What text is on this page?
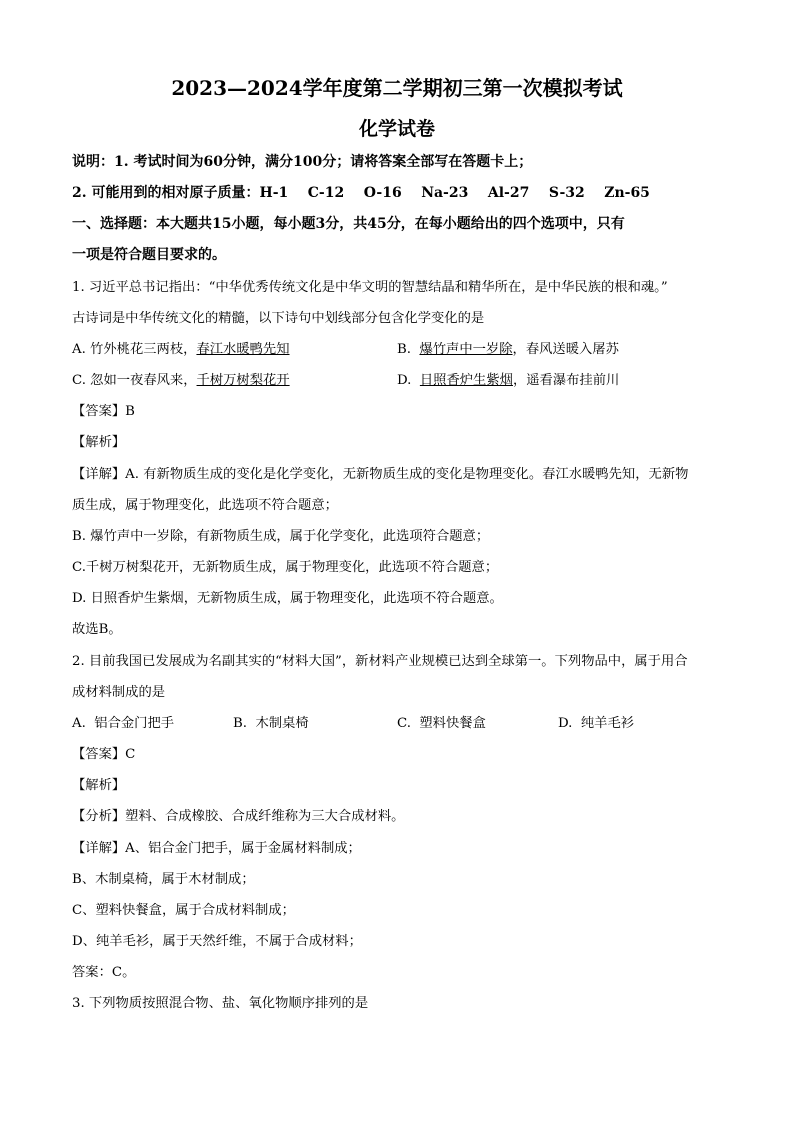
2023—2024学年度第二学期初三第一次模拟考试
化学试卷
说明：1. 考试时间为60分钟，满分100分；请将答案全部写在答题卡上；
2. 可能用到的相对原子质量：H-1    C-12    O-16    Na-23    Al-27    S-32    Zn-65
一、选择题：本大题共15小题，每小题3分，共45分，在每小题给出的四个选项中，只有
一项是符合题目要求的。
1. 习近平总书记指出：“中华优秀传统文化是中华文明的智慧结晶和精华所在，是中华民族的根和魂。”
古诗词是中华传统文化的精髓，以下诗句中划线部分包含化学变化的是
A. 竹外桃花三两枝，春江水暖鸭先知	B.  爆竹声中一岁除，春风送暖入屠苏
C. 忽如一夜春风来，千树万树梨花开	D.  日照香炉生紫烟，遥看瀑布挂前川
【答案】B
【解析】
【详解】A. 有新物质生成的变化是化学变化，无新物质生成的变化是物理变化。春江水暖鸭先知，无新物
质生成，属于物理变化，此选项不符合题意；
B. 爆竹声中一岁除，有新物质生成，属于化学变化，此选项符合题意；
C.千树万树梨花开，无新物质生成，属于物理变化，此选项不符合题意；
D. 日照香炉生紫烟，无新物质生成，属于物理变化，此选项不符合题意。
故选B。
2. 目前我国已发展成为名副其实的“材料大国”，新材料产业规模已达到全球第一。下列物品中，属于用合
成材料制成的是
A.  铝合金门把手	B.  木制桌椅	C.  塑料快餐盒	D.  纯羊毛衫
【答案】C
【解析】
【分析】塑料、合成橡胶、合成纤维称为三大合成材料。
【详解】A、铝合金门把手，属于金属材料制成；
B、木制桌椅，属于木材制成；
C、塑料快餐盒，属于合成材料制成；
D、纯羊毛衫，属于天然纤维，不属于合成材料；
答案：C。
3. 下列物质按照混合物、盐、氧化物顺序排列的是
